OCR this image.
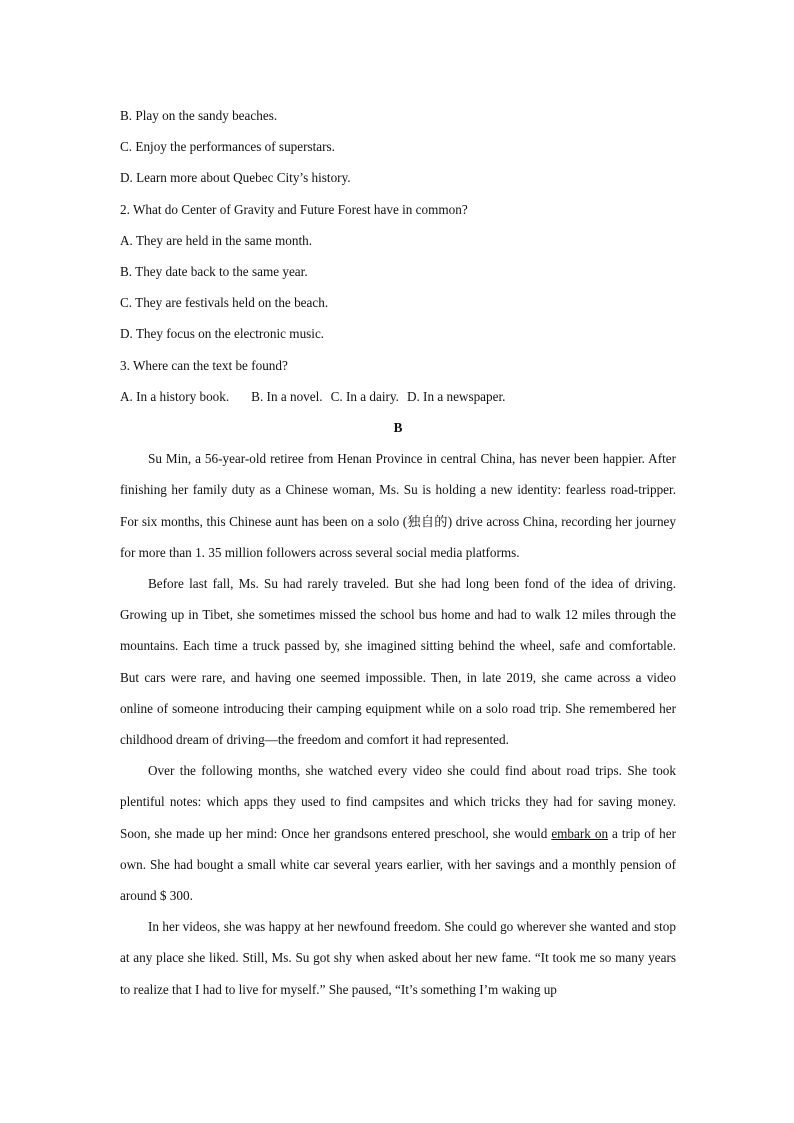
B. Play on the sandy beaches.

C. Enjoy the performances of superstars.

D. Learn more about Quebec City’s history.

2. What do Center of Gravity and Future Forest have in common?

A. They are held in the same month.

B. They date back to the same year.

C. They are festivals held on the beach.

D. They focus on the electronic music.

3. Where can the text be found?

A. In a history book. B. In a novel. C. In a dairy. D. In a newspaper.

B

Su Min, a 56-year-old retiree from Henan Province in central China, has never been happier. After finishing her family duty as a Chinese woman, Ms. Su is holding a new identity: fearless road-tripper. For six months, this Chinese aunt has been on a solo (独自的) drive across China, recording her journey for more than 1. 35 million followers across several social media platforms.

Before last fall, Ms. Su had rarely traveled. But she had long been fond of the idea of driving. Growing up in Tibet, she sometimes missed the school bus home and had to walk 12 miles through the mountains. Each time a truck passed by, she imagined sitting behind the wheel, safe and comfortable. But cars were rare, and having one seemed impossible. Then, in late 2019, she came across a video online of someone introducing their camping equipment while on a solo road trip. She remembered her childhood dream of driving—the freedom and comfort it had represented.

Over the following months, she watched every video she could find about road trips. She took plentiful notes: which apps they used to find campsites and which tricks they had for saving money. Soon, she made up her mind: Once her grandsons entered preschool, she would embark on a trip of her own. She had bought a small white car several years earlier, with her savings and a monthly pension of around $ 300.

In her videos, she was happy at her newfound freedom. She could go wherever she wanted and stop at any place she liked. Still, Ms. Su got shy when asked about her new fame. “It took me so many years to realize that I had to live for myself.” She paused, “It’s something I’m waking up
